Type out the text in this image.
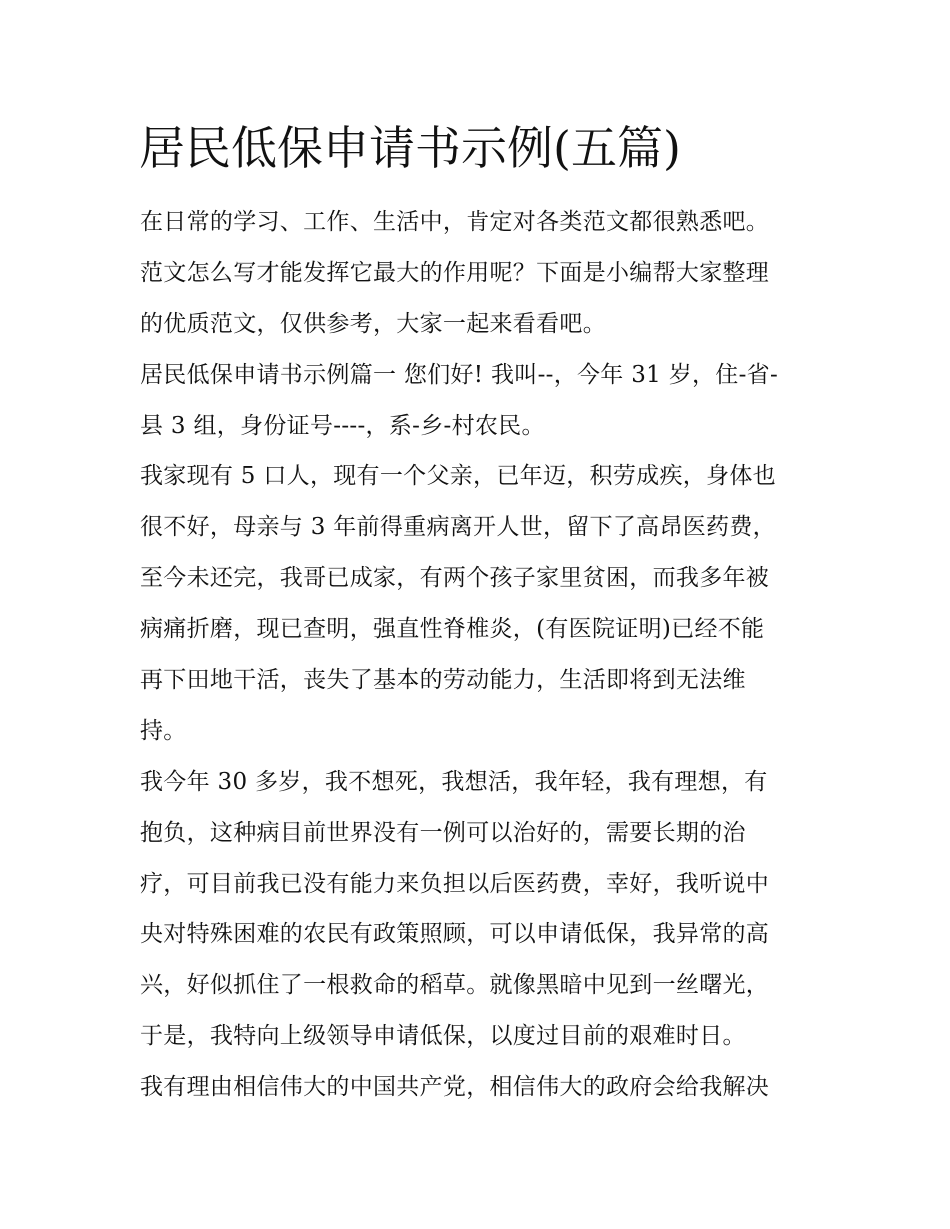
居民低保申请书示例(五篇)
在日常的学习、工作、生活中，肯定对各类范文都很熟悉吧。
范文怎么写才能发挥它最大的作用呢？下面是小编帮大家整理
的优质范文，仅供参考，大家一起来看看吧。
居民低保申请书示例篇一 您们好! 我叫--，今年 31 岁，住-省-
县 3 组，身份证号----，系-乡-村农民。
我家现有 5 口人，现有一个父亲，已年迈，积劳成疾，身体也
很不好，母亲与 3 年前得重病离开人世，留下了高昂医药费，
至今未还完，我哥已成家，有两个孩子家里贫困，而我多年被
病痛折磨，现已查明，强直性脊椎炎，(有医院证明)已经不能
再下田地干活，丧失了基本的劳动能力，生活即将到无法维
持。
我今年 30 多岁，我不想死，我想活，我年轻，我有理想，有
抱负，这种病目前世界没有一例可以治好的，需要长期的治
疗，可目前我已没有能力来负担以后医药费，幸好，我听说中
央对特殊困难的农民有政策照顾，可以申请低保，我异常的高
兴，好似抓住了一根救命的稻草。就像黑暗中见到一丝曙光，
于是，我特向上级领导申请低保，以度过目前的艰难时日。
我有理由相信伟大的中国共产党，相信伟大的政府会给我解决
